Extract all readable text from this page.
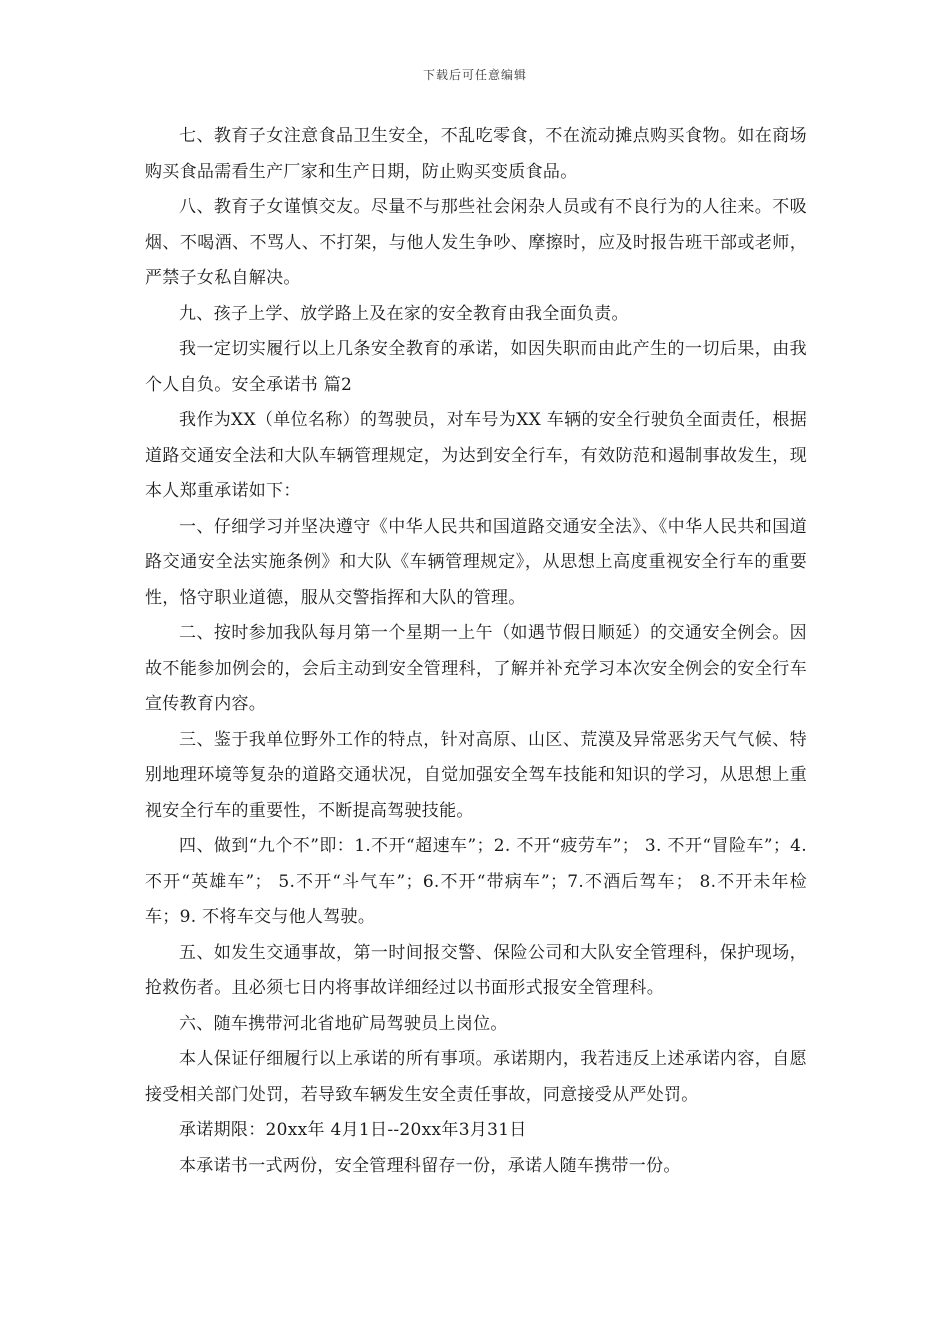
下载后可任意编辑

七、教育子女注意食品卫生安全，不乱吃零食，不在流动摊点购买食物。如在商场购买食品需看生产厂家和生产日期，防止购买变质食品。

八、教育子女谨慎交友。尽量不与那些社会闲杂人员或有不良行为的人往来。不吸烟、不喝酒、不骂人、不打架，与他人发生争吵、摩擦时，应及时报告班干部或老师，严禁子女私自解决。

九、孩子上学、放学路上及在家的安全教育由我全面负责。

我一定切实履行以上几条安全教育的承诺，如因失职而由此产生的一切后果，由我个人自负。安全承诺书 篇2

我作为XX（单位名称）的驾驶员，对车号为XX 车辆的安全行驶负全面责任，根据道路交通安全法和大队车辆管理规定，为达到安全行车，有效防范和遏制事故发生，现本人郑重承诺如下：

一、仔细学习并坚决遵守《中华人民共和国道路交通安全法》、《中华人民共和国道路交通安全法实施条例》和大队《车辆管理规定》，从思想上高度重视安全行车的重要性，恪守职业道德，服从交警指挥和大队的管理。

二、按时参加我队每月第一个星期一上午（如遇节假日顺延）的交通安全例会。因故不能参加例会的，会后主动到安全管理科，了解并补充学习本次安全例会的安全行车宣传教育内容。

三、鉴于我单位野外工作的特点，针对高原、山区、荒漠及异常恶劣天气气候、特别地理环境等复杂的道路交通状况，自觉加强安全驾车技能和知识的学习，从思想上重视安全行车的重要性，不断提高驾驶技能。

四、做到“九个不”即：1.不开“超速车”；2. 不开“疲劳车”； 3. 不开“冒险车”；4.不开“英雄车”； 5.不开“斗气车”；6.不开“带病车”；7.不酒后驾车； 8.不开未年检车；9. 不将车交与他人驾驶。

五、如发生交通事故，第一时间报交警、保险公司和大队安全管理科，保护现场，抢救伤者。且必须七日内将事故详细经过以书面形式报安全管理科。

六、随车携带河北省地矿局驾驶员上岗位。

本人保证仔细履行以上承诺的所有事项。承诺期内，我若违反上述承诺内容，自愿接受相关部门处罚，若导致车辆发生安全责任事故，同意接受从严处罚。

承诺期限：20xx年 4月1日--20xx年3月31日

本承诺书一式两份，安全管理科留存一份，承诺人随车携带一份。
